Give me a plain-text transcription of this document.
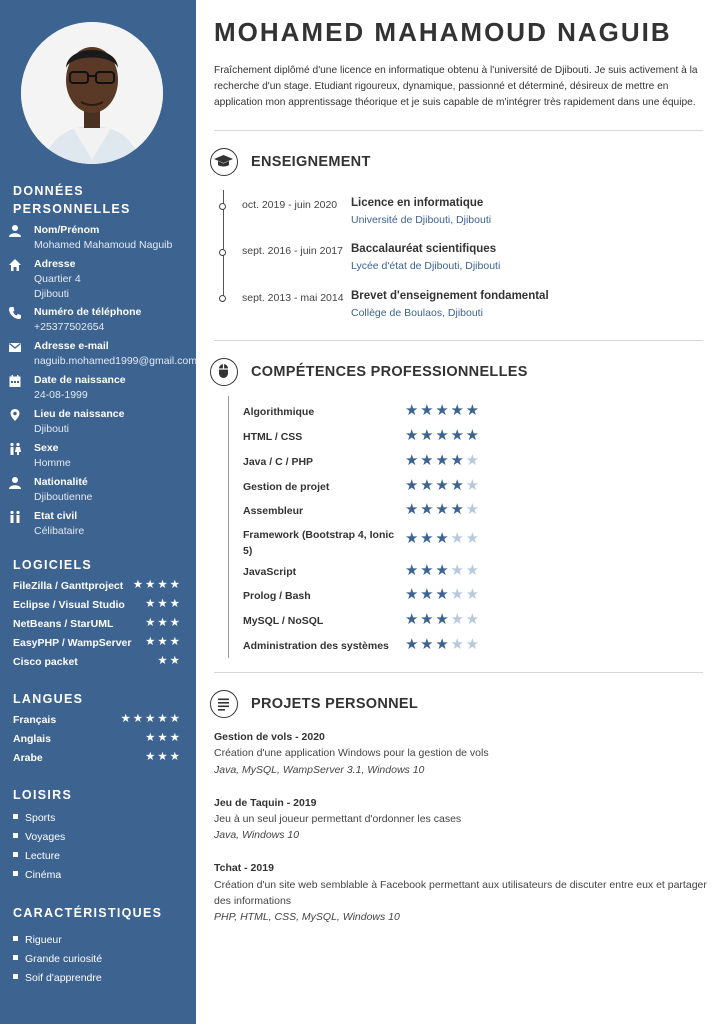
DONNÉES
PERSONNELLES
Nom/Prénom
Mohamed Mahamoud Naguib
Adresse
Quartier 4
Djibouti
Numéro de téléphone
+25377502654
Adresse e-mail
naguib.mohamed1999@gmail.com
Date de naissance
24-08-1999
Lieu de naissance
Djibouti
Sexe
Homme
Nationalité
Djiboutienne
Etat civil
Célibataire
LOGICIELS
FileZilla / Ganttproject ★★★★
Eclipse / Visual Studio ★★★
NetBeans / StarUML	★★★
EasyPHP / WampServer ★★★
Cisco packet	★★
LANGUES
Français	★★★★★
Anglais	★★★
Arabe	★★★
LOISIRS
Sports
Voyages
Lecture
Cinéma
CARACTÉRISTIQUES
Rigueur
Grande curiosité
Soif d'apprendre
MOHAMED MAHAMOUD NAGUIB
Fraîchement diplômé d'une licence en informatique obtenu à l'université de Djibouti. Je suis activement à la recherche d'un stage. Etudiant rigoureux, dynamique, passionné et déterminé, désireux de mettre en application mon apprentissage théorique et je suis capable de m'intégrer très rapidement dans une équipe.
ENSEIGNEMENT
oct. 2019 - juin 2020 Licence en informatique
Université de Djibouti, Djibouti
sept. 2016 - juin 2017 Baccalauréat scientifiques
Lycée d'état de Djibouti, Djibouti
sept. 2013 - mai 2014 Brevet d'enseignement fondamental
Collège de Boulaos, Djibouti
COMPÉTENCES PROFESSIONNELLES
Algorithmique	★★★★★
HTML / CSS	★★★★★
Java / C / PHP	★★★★★
Gestion de projet	★★★★★
Assembleur	★★★★★
Framework (Bootstrap 4, Ionic 5)
★★★★★
JavaScript	★★★★★
Prolog / Bash	★★★★★
MySQL / NoSQL	★★★★★
Administration des systèmes	★★★★★
PROJETS PERSONNEL
Gestion de vols - 2020
Création d'une application Windows pour la gestion de vols
Java, MySQL, WampServer 3.1, Windows 10
Jeu de Taquin - 2019
Jeu à un seul joueur permettant d'ordonner les cases
Java, Windows 10
Tchat - 2019
Création d'un site web semblable à Facebook permettant aux utilisateurs de discuter entre eux et partager des informations
PHP, HTML, CSS, MySQL, Windows 10
